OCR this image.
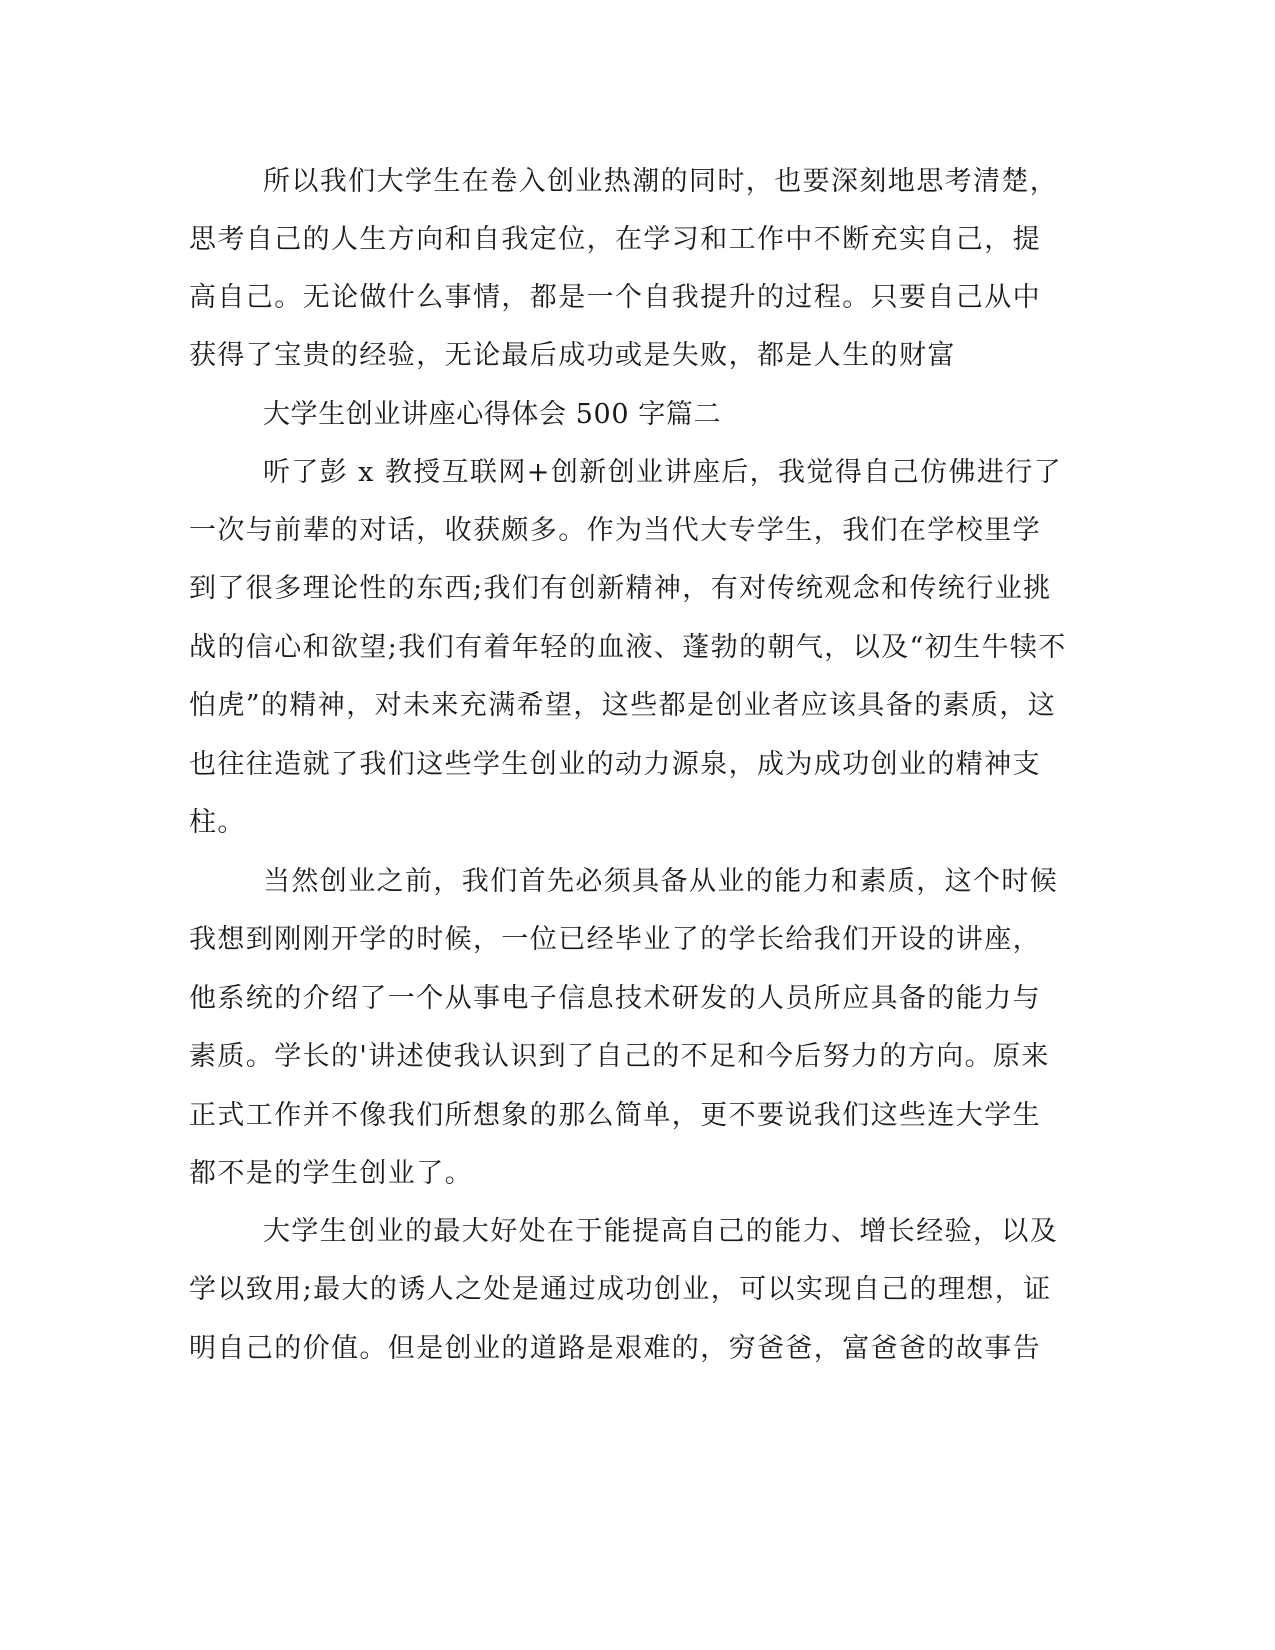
所以我们大学生在卷入创业热潮的同时，也要深刻地思考清楚，

思考自己的人生方向和自我定位，在学习和工作中不断充实自己，提

高自己。无论做什么事情，都是一个自我提升的过程。只要自己从中

获得了宝贵的经验，无论最后成功或是失败，都是人生的财富

大学生创业讲座心得体会 500 字篇二

听了彭 x 教授互联网+创新创业讲座后，我觉得自己仿佛进行了

一次与前辈的对话，收获颇多。作为当代大专学生，我们在学校里学

到了很多理论性的东西;我们有创新精神，有对传统观念和传统行业挑

战的信心和欲望;我们有着年轻的血液、蓬勃的朝气，以及“初生牛犊不

怕虎”的精神，对未来充满希望，这些都是创业者应该具备的素质，这

也往往造就了我们这些学生创业的动力源泉，成为成功创业的精神支

柱。

当然创业之前，我们首先必须具备从业的能力和素质，这个时候

我想到刚刚开学的时候，一位已经毕业了的学长给我们开设的讲座，

他系统的介绍了一个从事电子信息技术研发的人员所应具备的能力与

素质。学长的'讲述使我认识到了自己的不足和今后努力的方向。原来

正式工作并不像我们所想象的那么简单，更不要说我们这些连大学生

都不是的学生创业了。

大学生创业的最大好处在于能提高自己的能力、增长经验，以及

学以致用;最大的诱人之处是通过成功创业，可以实现自己的理想，证

明自己的价值。但是创业的道路是艰难的，穷爸爸，富爸爸的故事告
